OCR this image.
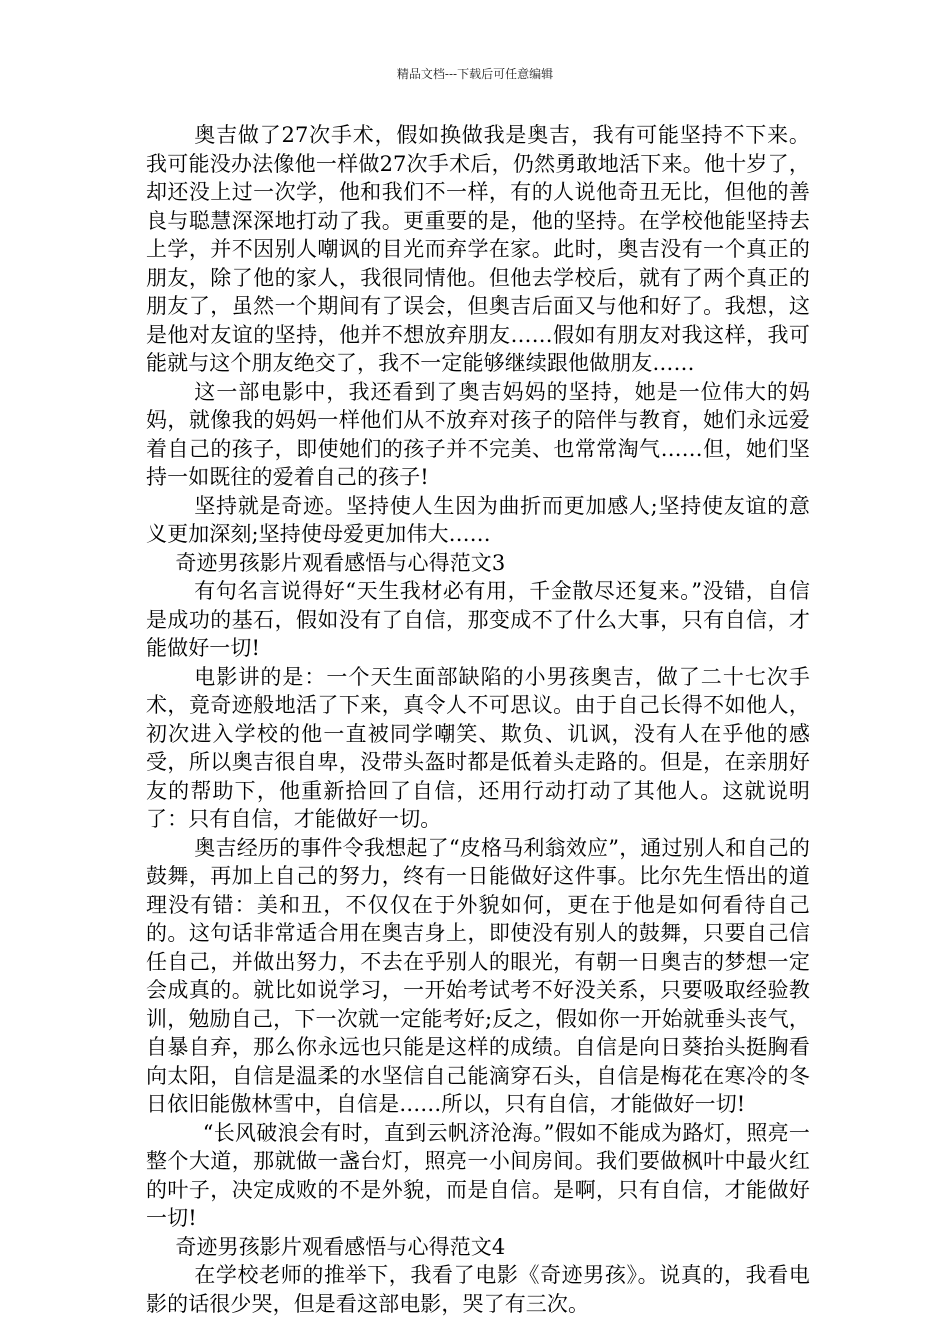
精品文档---下载后可任意编辑

奥吉做了27次手术，假如换做我是奥吉，我有可能坚持不下来。我可能没办法像他一样做27次手术后，仍然勇敢地活下来。他十岁了，却还没上过一次学，他和我们不一样，有的人说他奇丑无比，但他的善良与聪慧深深地打动了我。更重要的是，他的坚持。在学校他能坚持去上学，并不因别人嘲讽的目光而弃学在家。此时，奥吉没有一个真正的朋友，除了他的家人，我很同情他。但他去学校后，就有了两个真正的朋友了，虽然一个期间有了误会，但奥吉后面又与他和好了。我想，这是他对友谊的坚持，他并不想放弃朋友……假如有朋友对我这样，我可能就与这个朋友绝交了，我不一定能够继续跟他做朋友……

这一部电影中，我还看到了奥吉妈妈的坚持，她是一位伟大的妈妈，就像我的妈妈一样他们从不放弃对孩子的陪伴与教育，她们永远爱着自己的孩子，即使她们的孩子并不完美、也常常淘气……但，她们坚持一如既往的爱着自己的孩子!

坚持就是奇迹。坚持使人生因为曲折而更加感人;坚持使友谊的意义更加深刻;坚持使母爱更加伟大……

奇迹男孩影片观看感悟与心得范文3

有句名言说得好“天生我材必有用，千金散尽还复来。”没错，自信是成功的基石，假如没有了自信，那变成不了什么大事，只有自信，才能做好一切!

电影讲的是：一个天生面部缺陷的小男孩奥吉，做了二十七次手术，竟奇迹般地活了下来，真令人不可思议。由于自己长得不如他人，初次进入学校的他一直被同学嘲笑、欺负、讥讽，没有人在乎他的感受，所以奥吉很自卑，没带头盔时都是低着头走路的。但是，在亲朋好友的帮助下，他重新拾回了自信，还用行动打动了其他人。这就说明了：只有自信，才能做好一切。

奥吉经历的事件令我想起了“皮格马利翁效应”，通过别人和自己的鼓舞，再加上自己的努力，终有一日能做好这件事。比尔先生悟出的道理没有错：美和丑，不仅仅在于外貌如何，更在于他是如何看待自己的。这句话非常适合用在奥吉身上，即使没有别人的鼓舞，只要自己信任自己，并做出努力，不去在乎别人的眼光，有朝一日奥吉的梦想一定会成真的。就比如说学习，一开始考试考不好没关系，只要吸取经验教训，勉励自己，下一次就一定能考好;反之，假如你一开始就垂头丧气，自暴自弃，那么你永远也只能是这样的成绩。自信是向日葵抬头挺胸看向太阳，自信是温柔的水坚信自己能滴穿石头，自信是梅花在寒冷的冬日依旧能傲林雪中，自信是……所以，只有自信，才能做好一切!

“长风破浪会有时，直到云帆济沧海。”假如不能成为路灯，照亮一整个大道，那就做一盏台灯，照亮一小间房间。我们要做枫叶中最火红的叶子，决定成败的不是外貌，而是自信。是啊，只有自信，才能做好一切!

奇迹男孩影片观看感悟与心得范文4

在学校老师的推举下，我看了电影《奇迹男孩》。说真的，我看电影的话很少哭，但是看这部电影，哭了有三次。
